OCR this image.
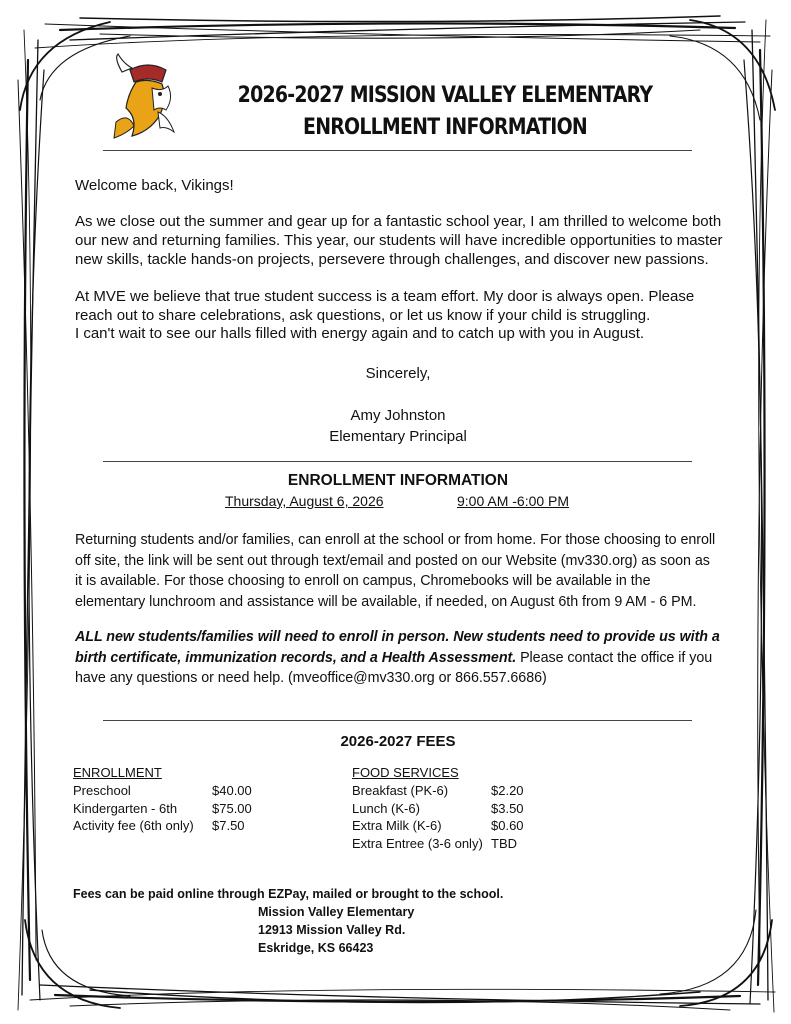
2026-2027 MISSION VALLEY ELEMENTARY
ENROLLMENT INFORMATION

Welcome back, Vikings!

As we close out the summer and gear up for a fantastic school year, I am thrilled to welcome both our new and returning families. This year, our students will have incredible opportunities to master new skills, tackle hands-on projects, persevere through challenges, and discover new passions.

At MVE we believe that true student success is a team effort. My door is always open. Please reach out to share celebrations, ask questions, or let us know if your child is struggling.

I can't wait to see our halls filled with energy again and to catch up with you in August.

Sincerely,
Amy Johnston
Elementary Principal
ENROLLMENT INFORMATION
Thursday, August 6, 2026	9:00 AM -6:00 PM

Returning students and/or families, can enroll at the school or from home. For those choosing to enroll off site, the link will be sent out through text/email and posted on our Website (mv330.org) as soon as it is available. For those choosing to enroll on campus, Chromebooks will be available in the elementary lunchroom and assistance will be available, if needed, on August 6th from 9 AM - 6 PM.

ALL new students/families will need to enroll in person. New students need to provide us with a birth certificate, immunization records, and a Health Assessment. Please contact the office if you have any questions or need help. (mveoffice@mv330.org or 866.557.6686)

2026-2027 FEES
ENROLLMENT
Preschool	$40.00
Kindergarten - 6th	$75.00
Activity fee (6th only)	$7.50
FOOD SERVICES
Breakfast (PK-6)	$2.20
Lunch (K-6)	$3.50
Extra Milk (K-6)	$0.60
Extra Entree (3-6 only) TBD
Fees can be paid online through EZPay, mailed or brought to the school.
Mission Valley Elementary
12913 Mission Valley Rd.
Eskridge, KS 66423
